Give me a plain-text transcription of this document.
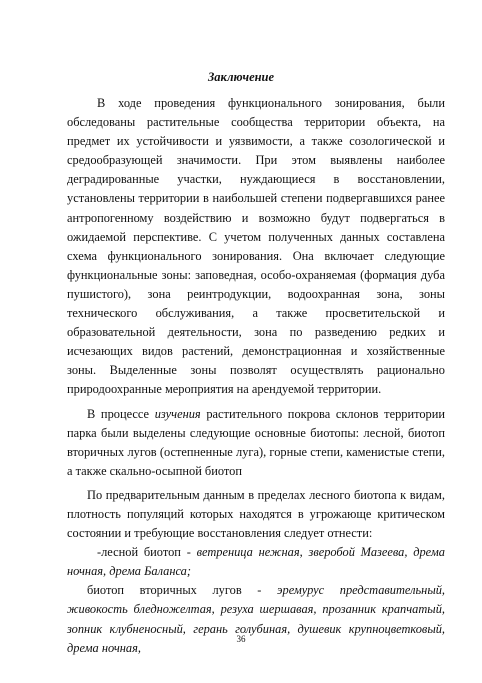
Заключение

В ходе проведения функционального зонирования, были обследованы растительные сообщества территории объекта, на предмет их устойчивости и уязвимости, а также созологической и средообразующей значимости. При этом выявлены наиболее деградированные участки, нуждающиеся в восстановлении, установлены территории в наибольшей степени подвергавшихся ранее антропогенному воздействию и возможно будут подвергаться в ожидаемой перспективе. С учетом полученных данных составлена схема функционального зонирования. Она включает следующие функциональные зоны: заповедная, особо-охраняемая (формация дуба пушистого), зона реинтродукции, водоохранная зона, зоны технического обслуживания, а также просветительской и образовательной деятельности, зона по разведению редких и исчезающих видов растений, демонстрационная и хозяйственные зоны. Выделенные зоны позволят осуществлять рационально природоохранные мероприятия на арендуемой территории.

В процессе изучения растительного покрова склонов территории парка были выделены следующие основные биотопы: лесной, биотоп вторичных лугов (остепненные луга), горные степи, каменистые степи, а также скально-осыпной биотоп

По предварительным данным в пределах лесного биотопа к видам, плотность популяций которых находятся в угрожающе критическом состоянии и требующие восстановления следует отнести:

-лесной биотоп - ветреница нежная, зверобой Мазеева, дрема ночная, дрема Баланса;

биотоп вторичных лугов - эремурус представительный, живокость бледножелтая, резуха шершавая, прозанник крапчатый, зопник клубненосный, герань голубиная, душевик крупноцветковый, дрема ночная,

36
